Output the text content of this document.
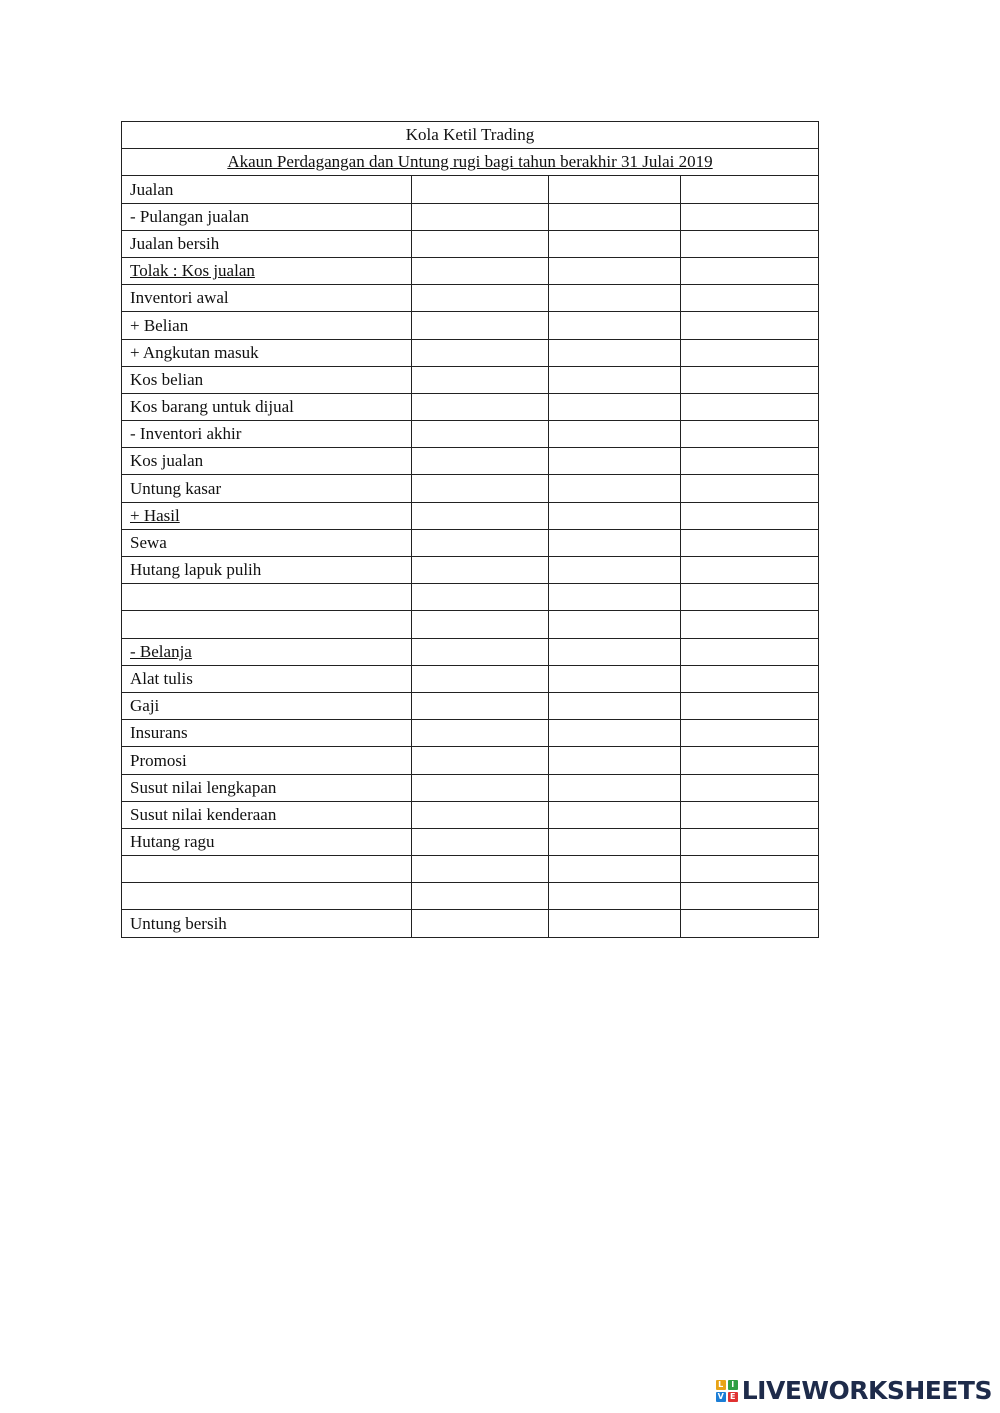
Kola Ketil Trading			
Akaun Perdagangan dan Untung rugi bagi tahun berakhir 31 Julai 2019			
Jualan			
- Pulangan jualan			
Jualan bersih			
Tolak : Kos jualan			
Inventori awal			
+ Belian			
+ Angkutan masuk			
Kos belian			
Kos barang untuk dijual			
- Inventori akhir			
Kos jualan			
Untung kasar			
+ Hasil			
Sewa			
Hutang lapuk pulih			

- Belanja			
Alat tulis			
Gaji			
Insurans			
Promosi			
Susut nilai lengkapan			
Susut nilai kenderaan			
Hutang ragu			

Untung bersih			
L I
V E LIVEWORKSHEETS
